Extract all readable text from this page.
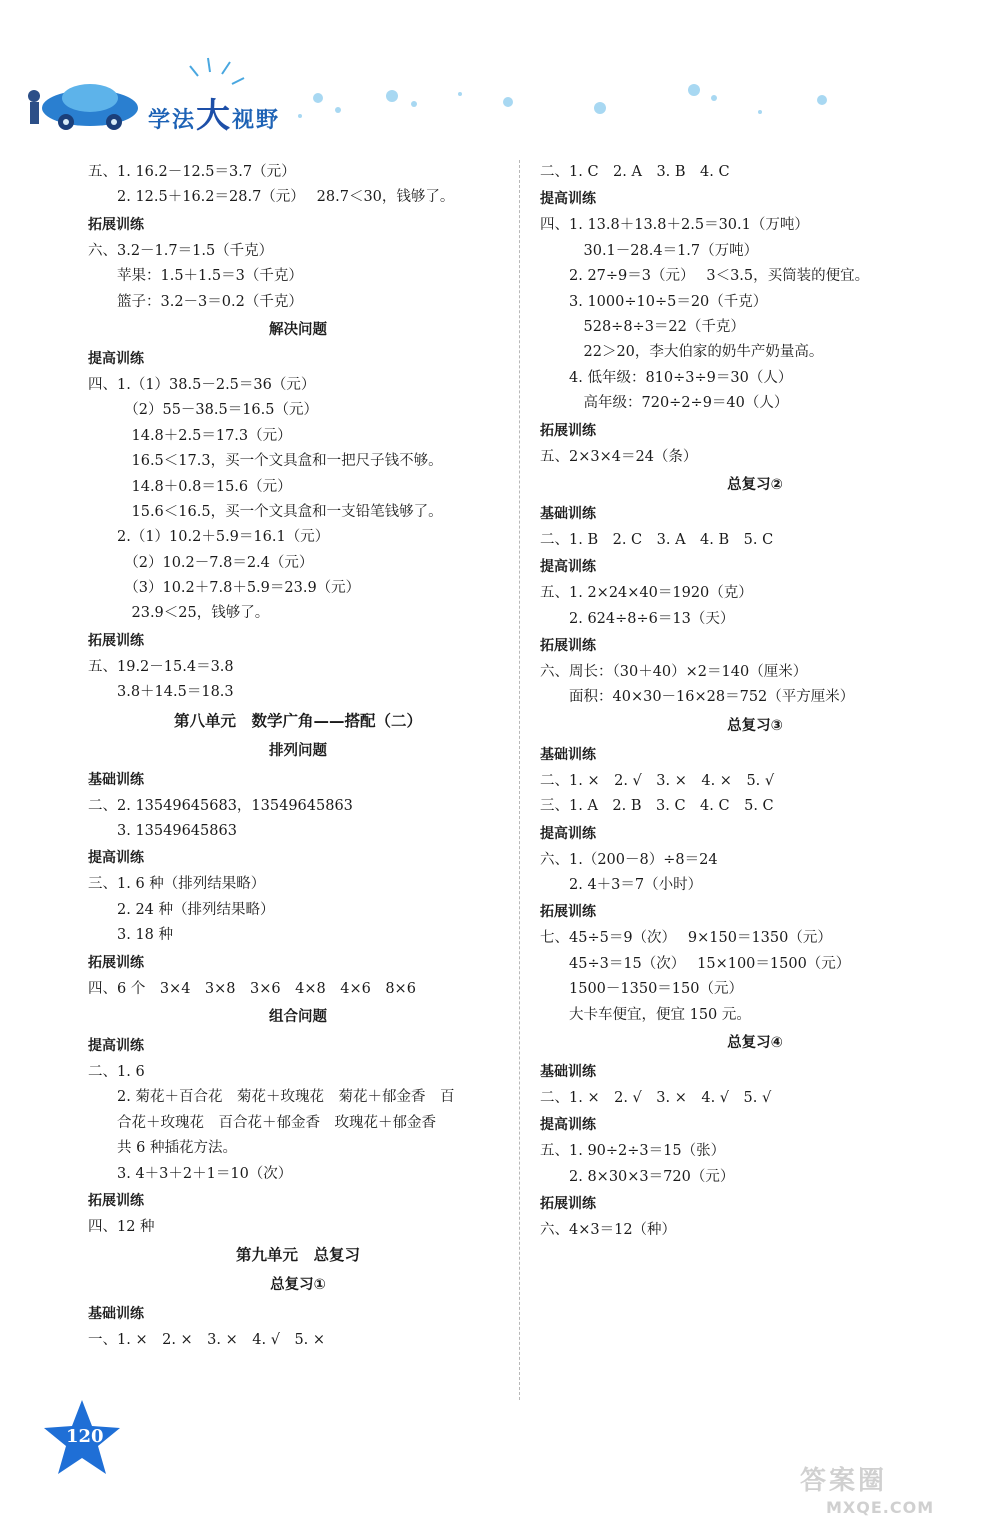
学法大视野
五、1. 16.2－12.5＝3.7（元）
　　2. 12.5＋16.2＝28.7（元）　 28.7＜30，钱够了。
拓展训练
六、3.2－1.7＝1.5（千克）
　　苹果：1.5＋1.5＝3（千克）
　　篮子：3.2－3＝0.2（千克）
解决问题
提高训练
四、1.（1）38.5－2.5＝36（元）
　　　（2）55－38.5＝16.5（元）
　　　14.8＋2.5＝17.3（元）
　　　16.5＜17.3，买一个文具盒和一把尺子钱不够。
　　　14.8＋0.8＝15.6（元）
　　　15.6＜16.5，买一个文具盒和一支铅笔钱够了。
　　2.（1）10.2＋5.9＝16.1（元）
　　　（2）10.2－7.8＝2.4（元）
　　　（3）10.2＋7.8＋5.9＝23.9（元）
　　　23.9＜25，钱够了。
拓展训练
五、19.2－15.4＝3.8
　　3.8＋14.5＝18.3
第八单元　数学广角——搭配（二）
排列问题
基础训练
二、2. 13549645683，13549645863
　　3. 13549645863
提高训练
三、1. 6 种（排列结果略）
　　2. 24 种（排列结果略）
　　3. 18 种
拓展训练
四、6 个　3×4　3×8　3×6　4×8　4×6　8×6
组合问题
提高训练
二、1. 6
　　2. 菊花＋百合花　菊花＋玫瑰花　菊花＋郁金香　百
　　合花＋玫瑰花　百合花＋郁金香　玫瑰花＋郁金香
　　共 6 种插花方法。
　　3. 4＋3＋2＋1＝10（次）
拓展训练
四、12 种
第九单元　总复习
总复习①
基础训练
一、1. ×　2. ×　3. ×　4. √　5. ×
二、1. C　2. A　3. B　4. C
提高训练
四、1. 13.8＋13.8＋2.5＝30.1（万吨）
　　　30.1－28.4＝1.7（万吨）
　　2. 27÷9＝3（元）　 3＜3.5，买筒装的便宜。
　　3. 1000÷10÷5＝20（千克）
　　　528÷8÷3＝22（千克）
　　　22＞20，李大伯家的奶牛产奶量高。
　　4. 低年级：810÷3÷9＝30（人）
　　　高年级：720÷2÷9＝40（人）
拓展训练
五、2×3×4＝24（条）
总复习②
基础训练
二、1. B　2. C　3. A　4. B　5. C
提高训练
五、1. 2×24×40＝1920（克）
　　2. 624÷8÷6＝13（天）
拓展训练
六、周长：（30＋40）×2＝140（厘米）
　　面积：40×30－16×28＝752（平方厘米）
总复习③
基础训练
二、1. ×　2. √　3. ×　4. ×　5. √
三、1. A　2. B　3. C　4. C　5. C
提高训练
六、1.（200－8）÷8＝24
　　2. 4＋3＝7（小时）
拓展训练
七、45÷5＝9（次）　 9×150＝1350（元）
　　45÷3＝15（次）　 15×100＝1500（元）
　　1500－1350＝150（元）
　　大卡车便宜，便宜 150 元。
总复习④
基础训练
二、1. ×　2. √　3. ×　4. √　5. √
提高训练
五、1. 90÷2÷3＝15（张）
　　2. 8×30×3＝720（元）
拓展训练
六、4×3＝12（种）
120
答案圈
MXQE.COM
